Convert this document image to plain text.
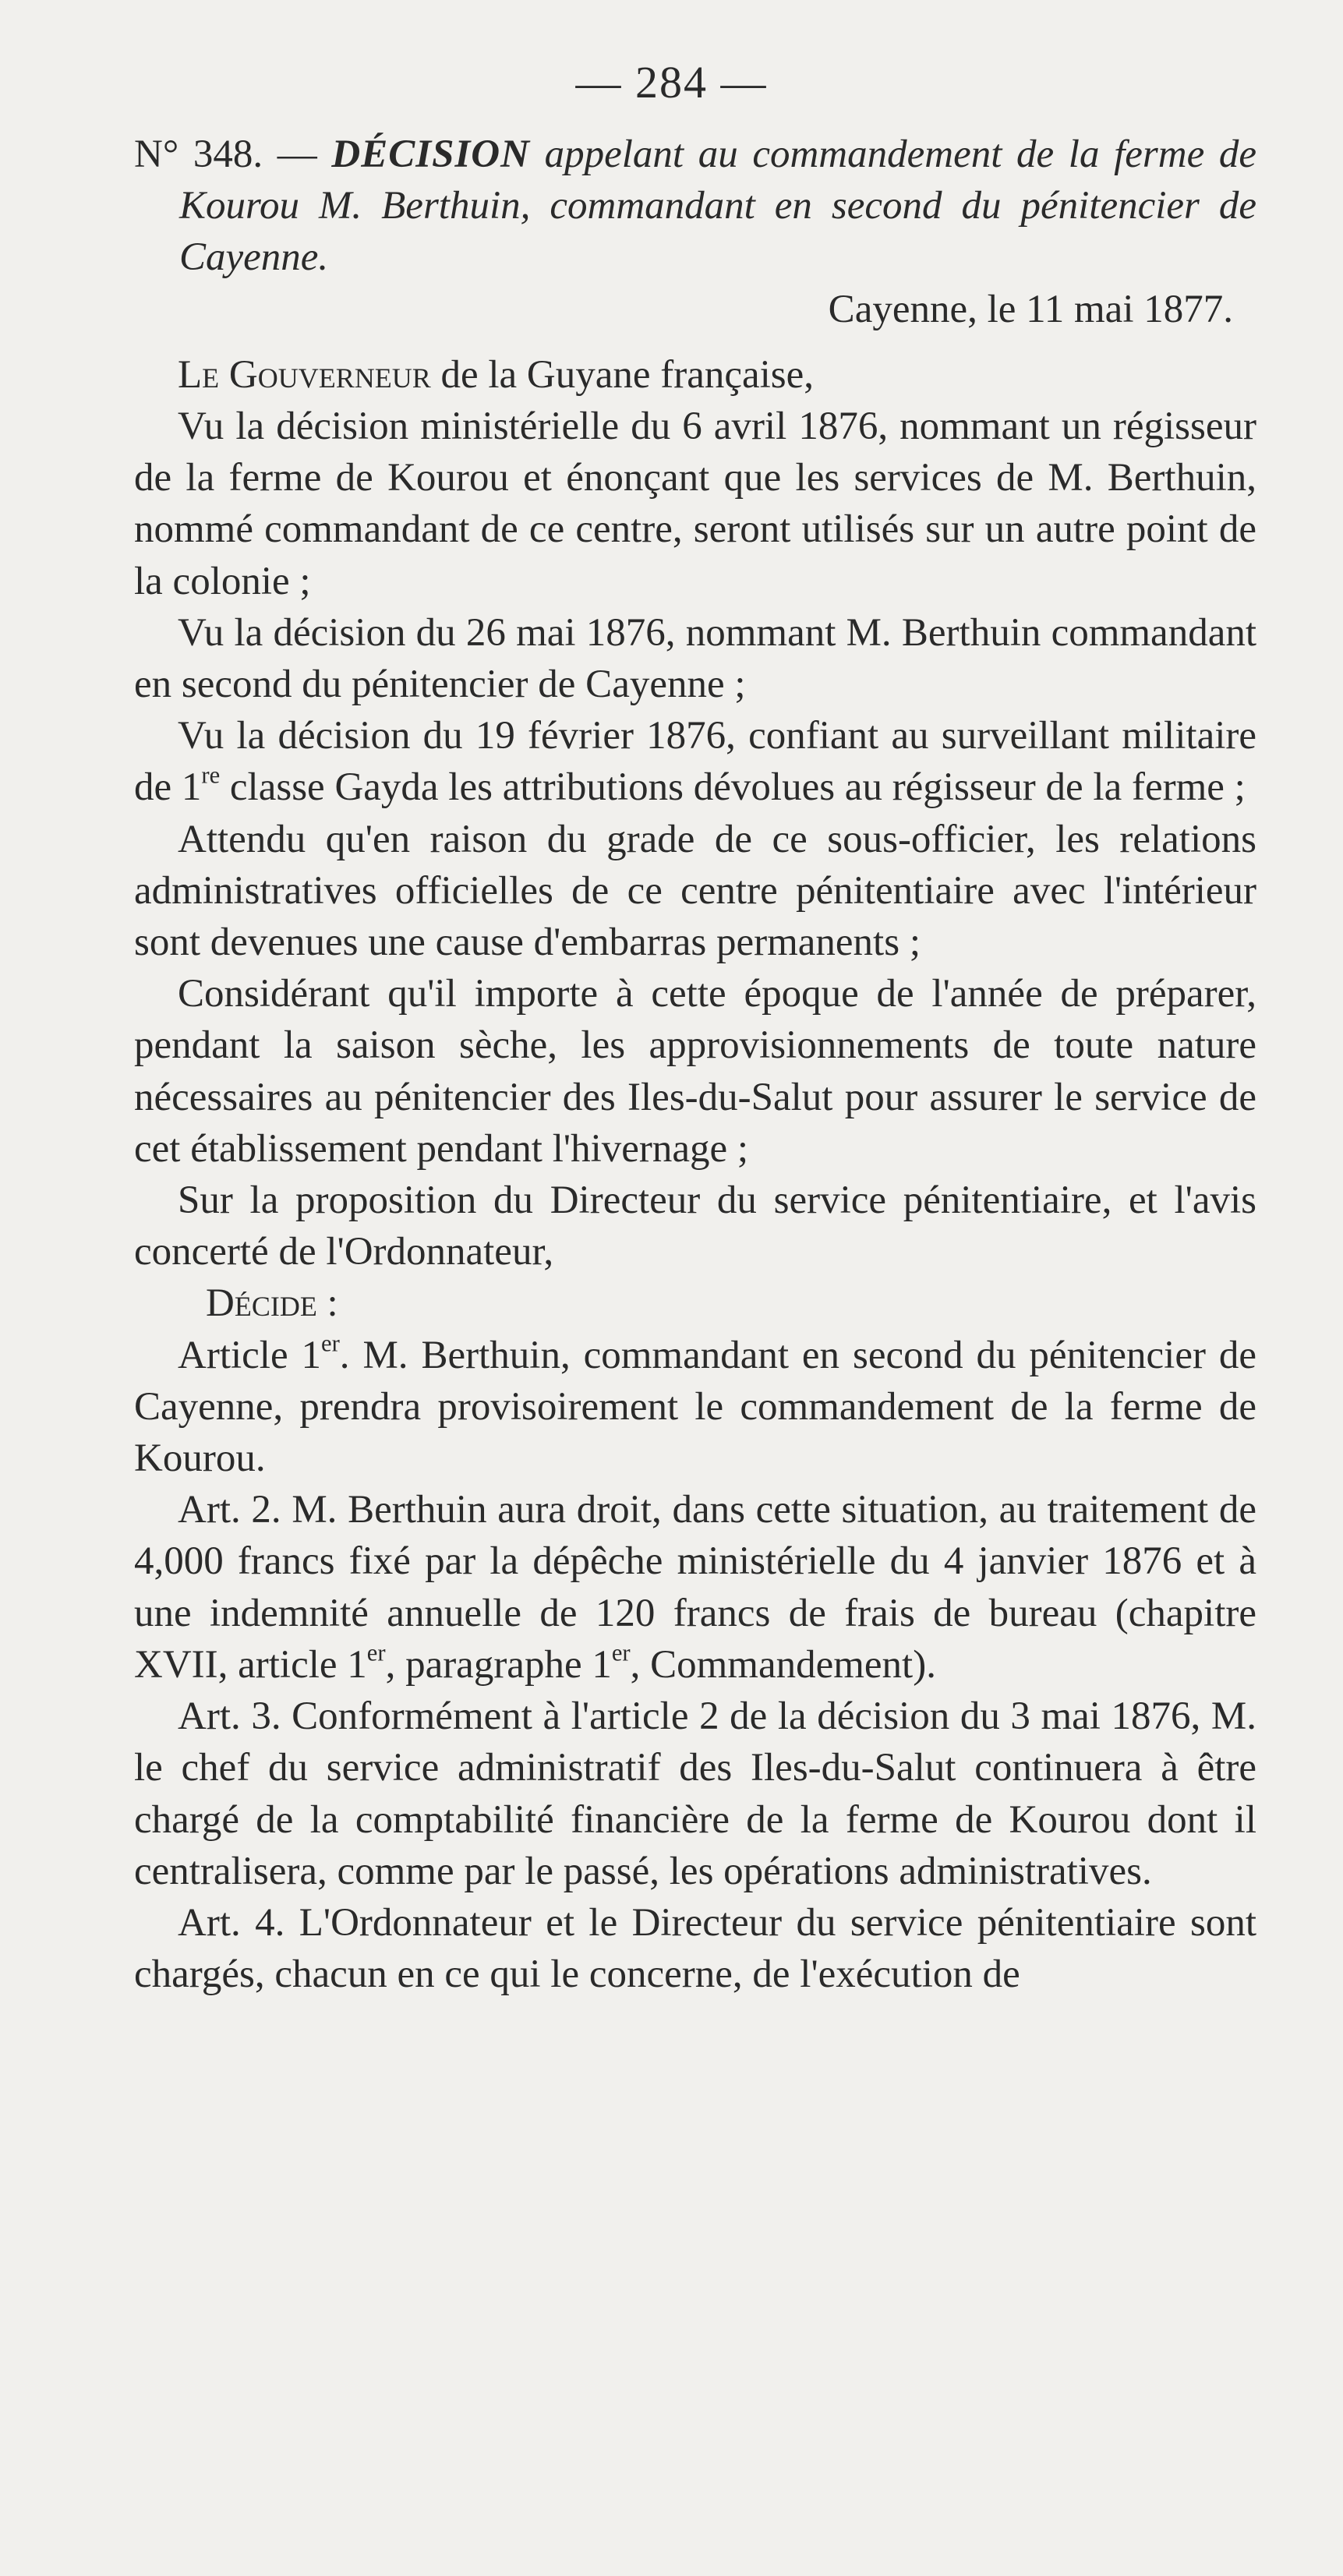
— 284 —

N° 348. — DÉCISION appelant au commandement de la ferme de Kourou M. Berthuin, commandant en second du pénitencier de Cayenne.

Cayenne, le 11 mai 1877.

Le Gouverneur de la Guyane française,

Vu la décision ministérielle du 6 avril 1876, nommant un régisseur de la ferme de Kourou et énonçant que les services de M. Berthuin, nommé commandant de ce centre, seront utilisés sur un autre point de la colonie ;

Vu la décision du 26 mai 1876, nommant M. Berthuin commandant en second du pénitencier de Cayenne ;

Vu la décision du 19 février 1876, confiant au surveillant militaire de 1re classe Gayda les attributions dévolues au régisseur de la ferme ;

Attendu qu'en raison du grade de ce sous-officier, les relations administratives officielles de ce centre pénitentiaire avec l'intérieur sont devenues une cause d'embarras permanents ;

Considérant qu'il importe à cette époque de l'année de préparer, pendant la saison sèche, les approvisionnements de toute nature nécessaires au pénitencier des Iles-du-Salut pour assurer le service de cet établissement pendant l'hivernage ;

Sur la proposition du Directeur du service pénitentiaire, et l'avis concerté de l'Ordonnateur,

Décide :

Article 1er. M. Berthuin, commandant en second du pénitencier de Cayenne, prendra provisoirement le commandement de la ferme de Kourou.

Art. 2. M. Berthuin aura droit, dans cette situation, au traitement de 4,000 francs fixé par la dépêche ministérielle du 4 janvier 1876 et à une indemnité annuelle de 120 francs de frais de bureau (chapitre XVII, article 1er, paragraphe 1er, Commandement).

Art. 3. Conformément à l'article 2 de la décision du 3 mai 1876, M. le chef du service administratif des Iles-du-Salut continuera à être chargé de la comptabilité financière de la ferme de Kourou dont il centralisera, comme par le passé, les opérations administratives.

Art. 4. L'Ordonnateur et le Directeur du service pénitentiaire sont chargés, chacun en ce qui le concerne, de l'exécution de
